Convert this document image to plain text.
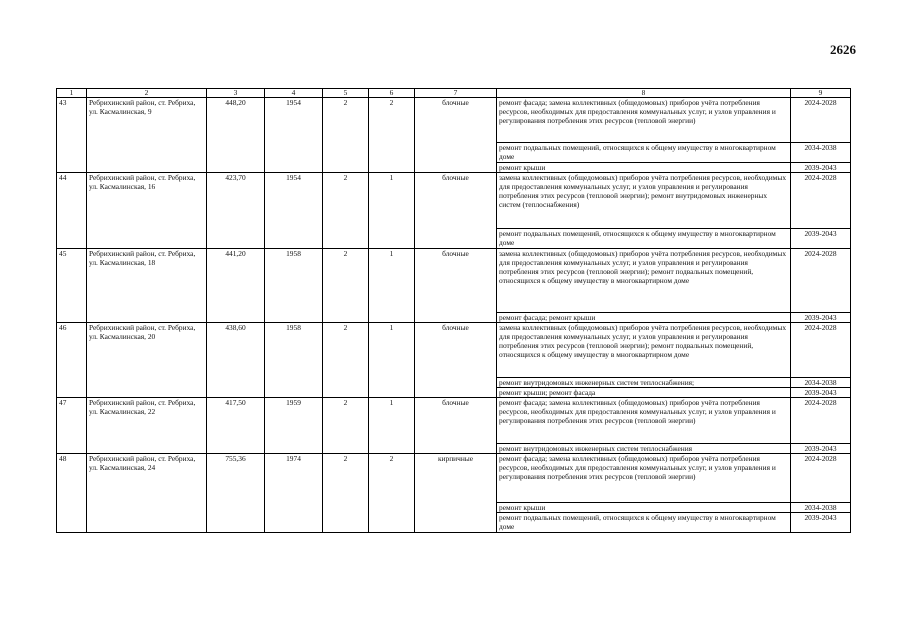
2626
1	2	3	4	5	6	7	8	9
43	Ребрихинский район, ст. Ребриха, ул. Касмалинская, 9	448,20	1954	2	2	блочные	ремонт фасада; замена коллективных (общедомовых) приборов учёта потребления ресурсов, необходимых для предоставления коммунальных услуг, и узлов управления и регулирования потребления этих ресурсов (тепловой энергии)	2024-2028
							ремонт подвальных помещений, относящихся к общему имуществу в многоквартирном доме	2034-2038
							ремонт крыши	2039-2043
44	Ребрихинский район, ст. Ребриха, ул. Касмалинская, 16	423,70	1954	2	1	блочные	замена коллективных (общедомовых) приборов учёта потребления ресурсов, необходимых для предоставления коммунальных услуг, и узлов управления и регулирования потребления этих ресурсов (тепловой энергии); ремонт внутридомовых инженерных систем (теплоснабжения)	2024-2028
							ремонт подвальных помещений, относящихся к общему имуществу в многоквартирном доме	2039-2043
45	Ребрихинский район, ст. Ребриха, ул. Касмалинская, 18	441,20	1958	2	1	блочные	замена коллективных (общедомовых) приборов учёта потребления ресурсов, необходимых для предоставления коммунальных услуг, и узлов управления и регулирования потребления этих ресурсов (тепловой энергии); ремонт подвальных помещений, относящихся к общему имуществу в многоквартирном доме	2024-2028
							ремонт фасада; ремонт крыши	2039-2043
46	Ребрихинский район, ст. Ребриха, ул. Касмалинская, 20	438,60	1958	2	1	блочные	замена коллективных (общедомовых) приборов учёта потребления ресурсов, необходимых для предоставления коммунальных услуг, и узлов управления и регулирования потребления этих ресурсов (тепловой энергии); ремонт подвальных помещений, относящихся к общему имуществу в многоквартирном доме	2024-2028
							ремонт внутридомовых инженерных систем теплоснабжения;	2034-2038
							ремонт крыши; ремонт фасада	2039-2043
47	Ребрихинский район, ст. Ребриха, ул. Касмалинская, 22	417,50	1959	2	1	блочные	ремонт фасада; замена коллективных (общедомовых) приборов учёта потребления ресурсов, необходимых для предоставления коммунальных услуг, и узлов управления и регулирования потребления этих ресурсов (тепловой энергии)	2024-2028
							ремонт внутридомовых инженерных систем теплоснабжения	2039-2043
48	Ребрихинский район, ст. Ребриха, ул. Касмалинская, 24	755,36	1974	2	2	кирпичные	ремонт фасада; замена коллективных (общедомовых) приборов учёта потребления ресурсов, необходимых для предоставления коммунальных услуг, и узлов управления и регулирования потребления этих ресурсов (тепловой энергии)	2024-2028
							ремонт крыши	2034-2038
							ремонт подвальных помещений, относящихся к общему имуществу в многоквартирном доме	2039-2043
